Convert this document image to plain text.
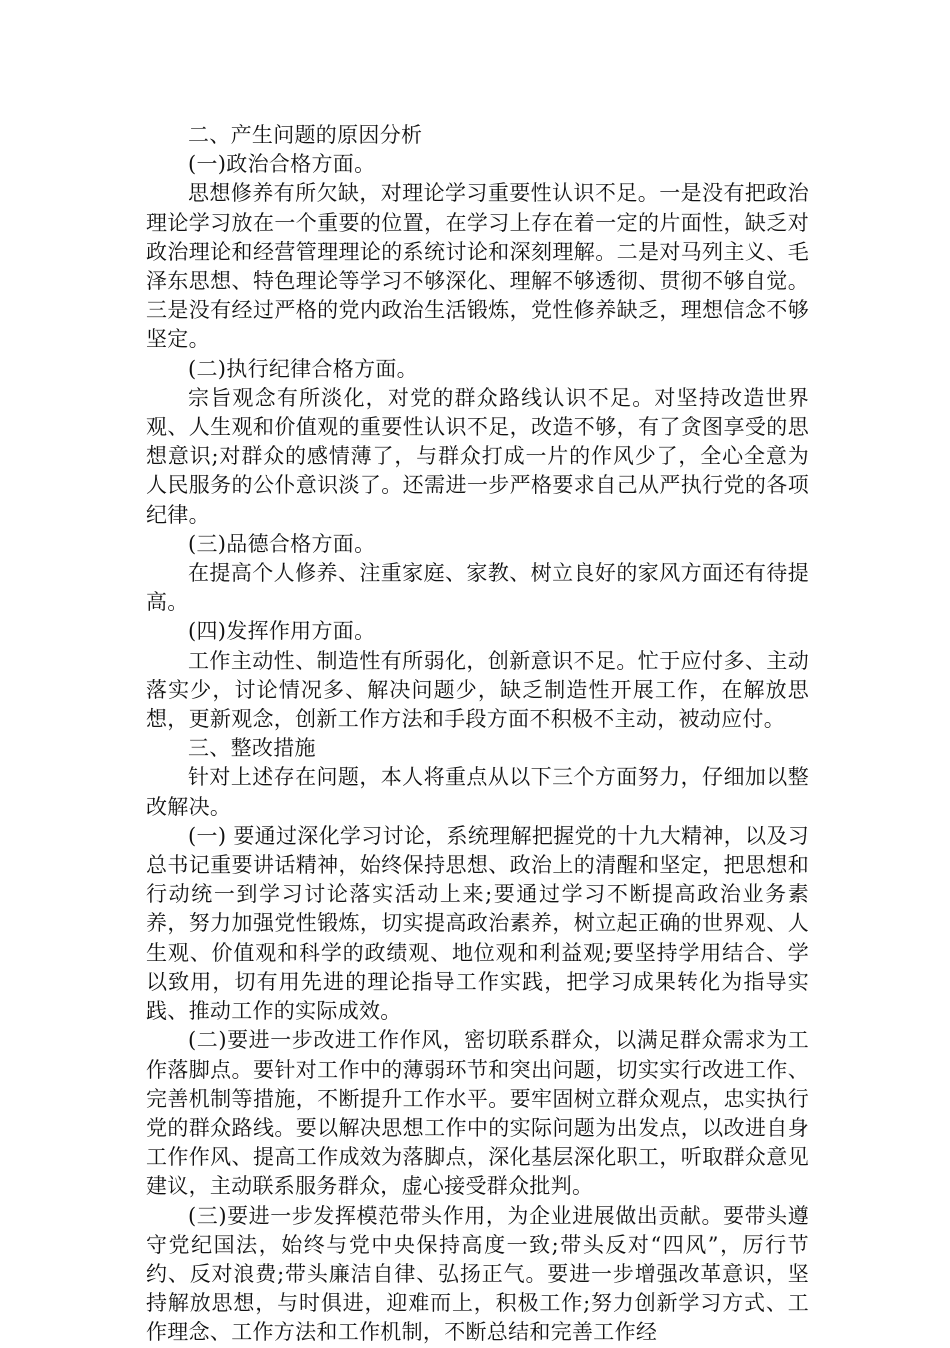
二、产生问题的原因分析

(一)政治合格方面。

思想修养有所欠缺，对理论学习重要性认识不足。一是没有把政治理论学习放在一个重要的位置，在学习上存在着一定的片面性，缺乏对政治理论和经营管理理论的系统讨论和深刻理解。二是对马列主义、毛泽东思想、特色理论等学习不够深化、理解不够透彻、贯彻不够自觉。三是没有经过严格的党内政治生活锻炼，党性修养缺乏，理想信念不够坚定。

(二)执行纪律合格方面。

宗旨观念有所淡化，对党的群众路线认识不足。对坚持改造世界观、人生观和价值观的重要性认识不足，改造不够，有了贪图享受的思想意识;对群众的感情薄了，与群众打成一片的作风少了，全心全意为人民服务的公仆意识淡了。还需进一步严格要求自己从严执行党的各项纪律。

(三)品德合格方面。

在提高个人修养、注重家庭、家教、树立良好的家风方面还有待提高。

(四)发挥作用方面。

工作主动性、制造性有所弱化，创新意识不足。忙于应付多、主动落实少，讨论情况多、解决问题少，缺乏制造性开展工作，在解放思想，更新观念，创新工作方法和手段方面不积极不主动，被动应付。

三、整改措施

针对上述存在问题，本人将重点从以下三个方面努力，仔细加以整改解决。

(一) 要通过深化学习讨论，系统理解把握党的十九大精神，以及习总书记重要讲话精神，始终保持思想、政治上的清醒和坚定，把思想和行动统一到学习讨论落实活动上来;要通过学习不断提高政治业务素养，努力加强党性锻炼，切实提高政治素养，树立起正确的世界观、人生观、价值观和科学的政绩观、地位观和利益观;要坚持学用结合、学以致用，切有用先进的理论指导工作实践，把学习成果转化为指导实践、推动工作的实际成效。

(二)要进一步改进工作作风，密切联系群众，以满足群众需求为工作落脚点。要针对工作中的薄弱环节和突出问题，切实实行改进工作、完善机制等措施，不断提升工作水平。要牢固树立群众观点，忠实执行党的群众路线。要以解决思想工作中的实际问题为出发点，以改进自身工作作风、提高工作成效为落脚点，深化基层深化职工，听取群众意见建议，主动联系服务群众，虚心接受群众批判。

(三)要进一步发挥模范带头作用，为企业进展做出贡献。要带头遵守党纪国法，始终与党中央保持高度一致;带头反对“四风”，厉行节约、反对浪费;带头廉洁自律、弘扬正气。要进一步增强改革意识，坚持解放思想，与时俱进，迎难而上，积极工作;努力创新学习方式、工作理念、工作方法和工作机制，不断总结和完善工作经
